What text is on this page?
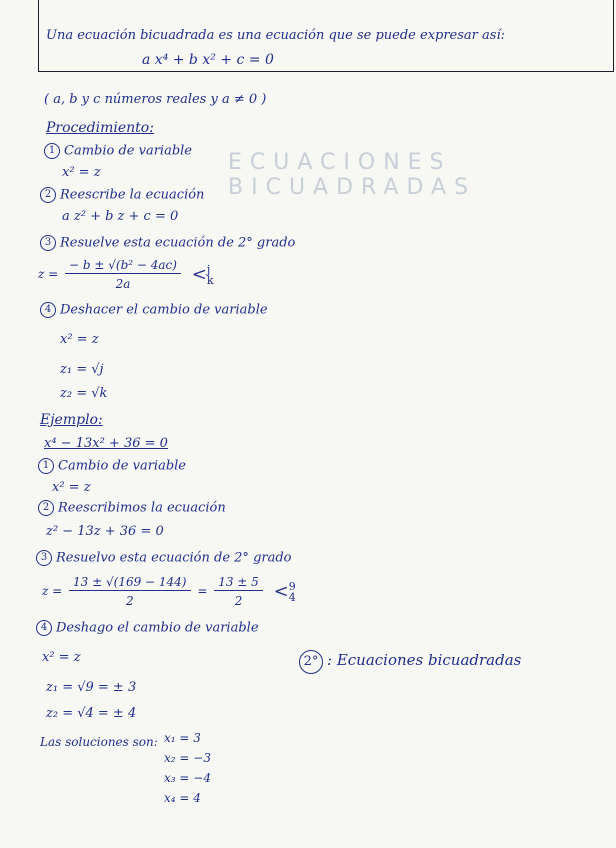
ECUACIONES BICUADRADAS
Una ecuación bicuadrada es una ecuación que se puede expresar así:
a x⁴ + b x² + c = 0
( a, b y c números reales y a ≠ 0 )
Procedimiento:
1 Cambio de variable
x² = z
2 Reescribe la ecuación
a z² + b z + c = 0
3 Resuelve esta ecuación de 2° grado
$z = \frac{\text{− b ± √(b² − 4ac)}}{2a} <j$
k
4 Deshacer el cambio de variable
x² = z
z₁ = √j
z₂ = √k
Ejemplo:
x⁴ − 13x² + 36 = 0
1 Cambio de variable
x² = z
2 Reescribimos la ecuación
z² − 13z + 36 = 0
3 Resuelvo esta ecuación de 2° grado
$z = \frac{13 \pm √(169 - 144)}{2} = \frac{13 \pm 5}{2} <9$
4
4 Deshago el cambio de variable
x² = z
z₁ = √9 = ± 3
z₂ = √4 = ± 4
Las soluciones son: x₁ = 3
x₂ = −3
x₃ = −4
x₄ = 4
2° : Ecuaciones bicuadradas
